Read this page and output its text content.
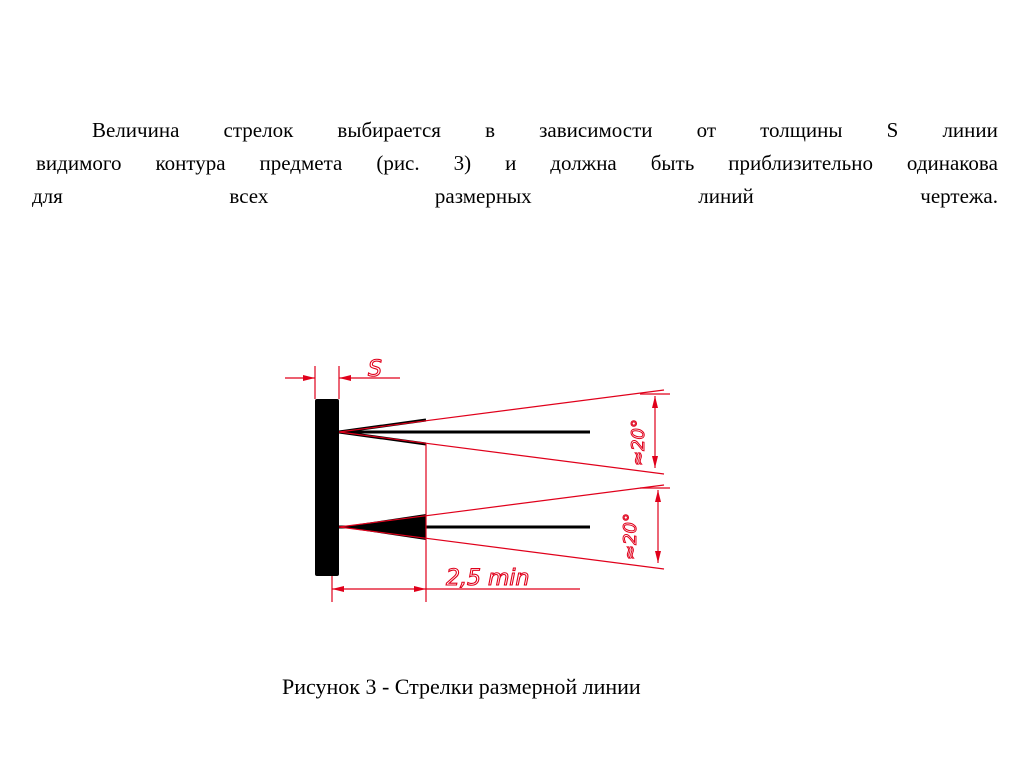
Величина стрелок выбирается в зависимости от толщины S линии
видимого контура предмета (рис. 3) и должна быть приблизительно одинакова
для	всех	размерных	линий	чертежа.
S
≈20°
≈20°
2,5 min
Рисунок 3 - Стрелки размерной линии
